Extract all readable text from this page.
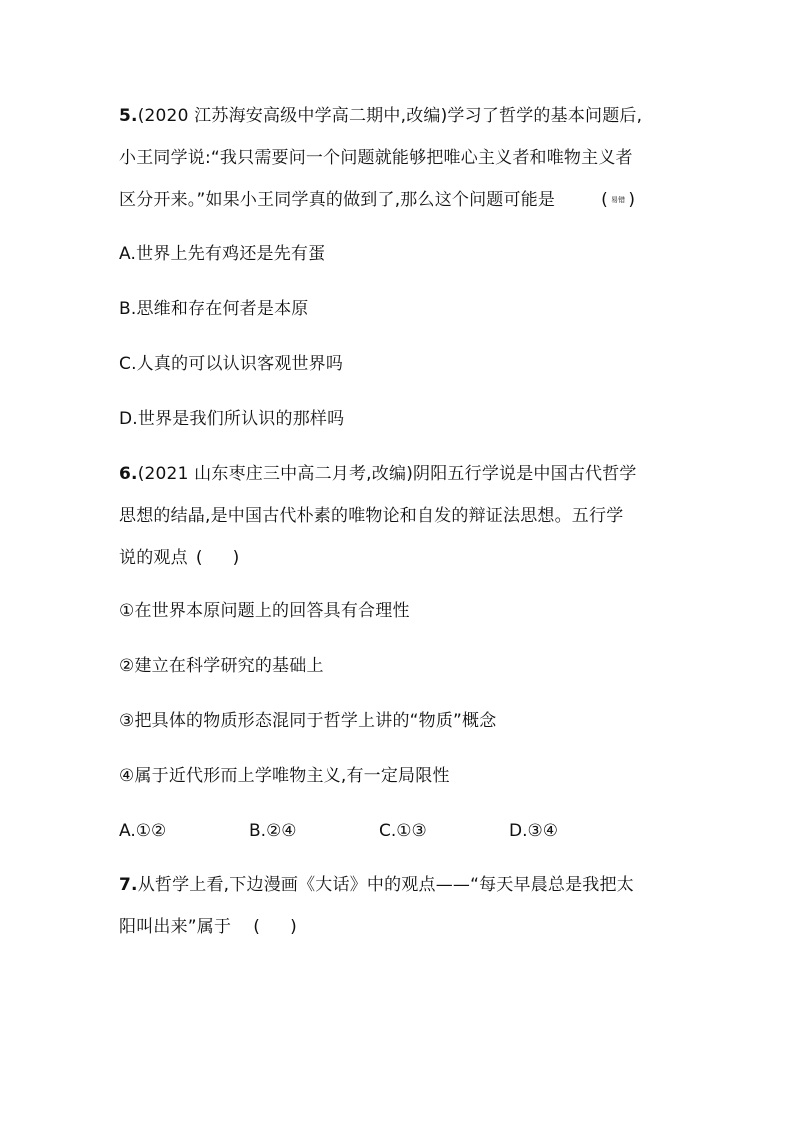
5.(2020 江苏海安高级中学高二期中,改编)学习了哲学的基本问题后,
小王同学说:“我只需要问一个问题就能够把唯心主义者和唯物主义者
区分开来。”如果小王同学真的做到了,那么这个问题可能是	( 易错 )
A.世界上先有鸡还是先有蛋
B.思维和存在何者是本原
C.人真的可以认识客观世界吗
D.世界是我们所认识的那样吗
6.(2021 山东枣庄三中高二月考,改编)阴阳五行学说是中国古代哲学
思想的结晶,是中国古代朴素的唯物论和自发的辩证法思想。五行学
说的观点 ( )
①在世界本原问题上的回答具有合理性
②建立在科学研究的基础上
③把具体的物质形态混同于哲学上讲的“物质”概念
④属于近代形而上学唯物主义,有一定局限性
A.①②	B.②④	C.①③	D.③④
7.从哲学上看,下边漫画《大话》中的观点——“每天早晨总是我把太
阳叫出来”属于 ( )
